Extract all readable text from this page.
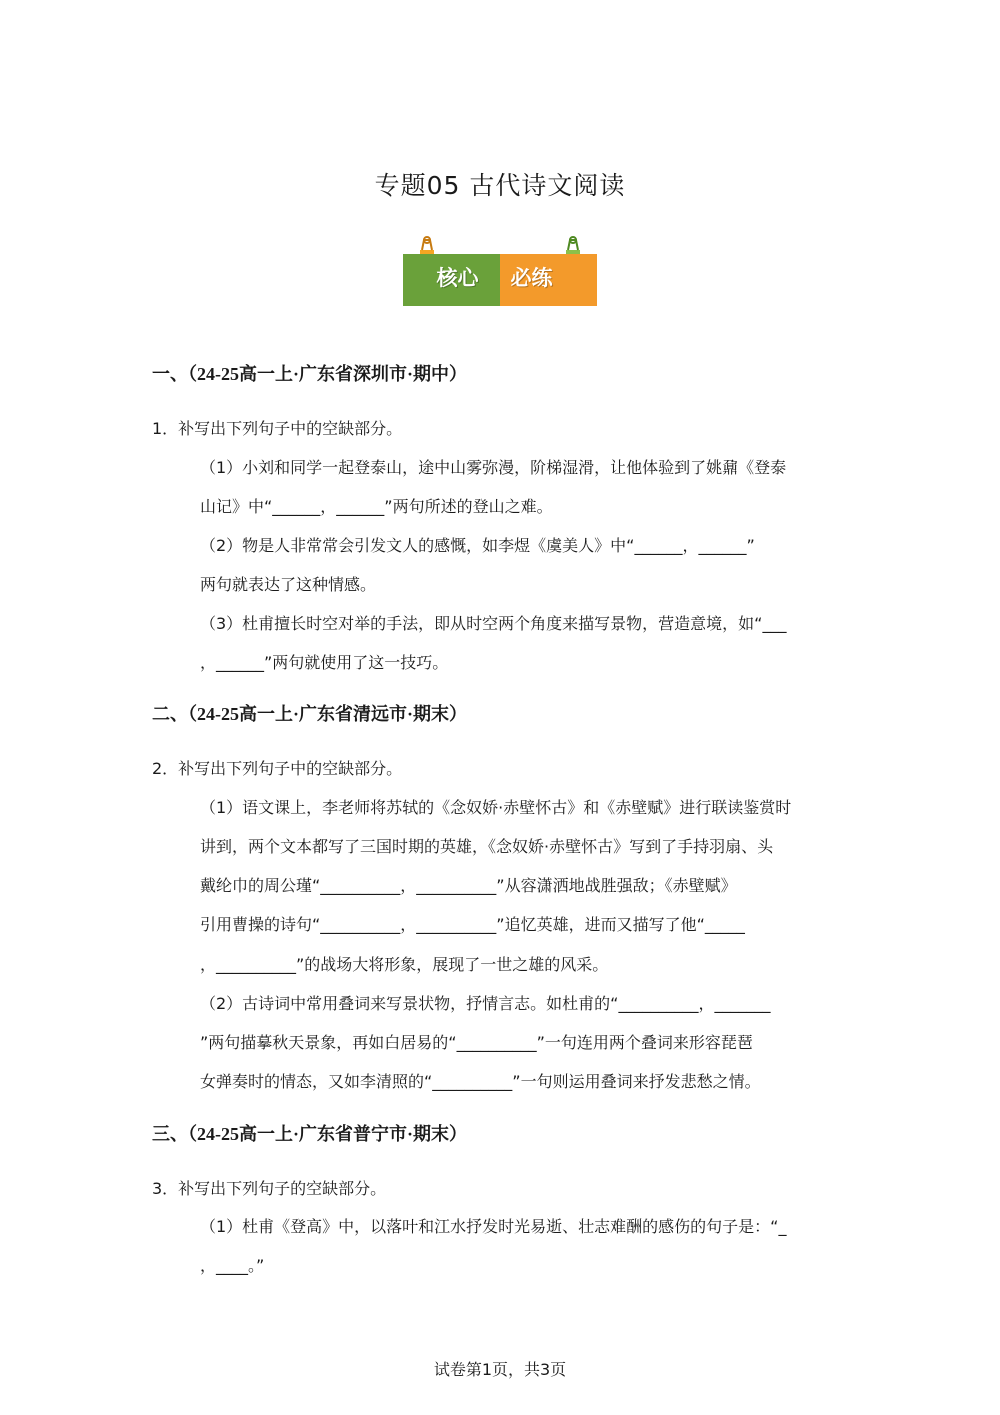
专题05 古代诗文阅读
核心	必练
一、（24-25高一上·广东省深圳市·期中）
1．补写出下列句子中的空缺部分。
（1）小刘和同学一起登泰山，途中山雾弥漫，阶梯湿滑，让他体验到了姚鼐《登泰
山记》中“______，______”两句所述的登山之难。
（2）物是人非常常会引发文人的感慨，如李煜《虞美人》中“______，______”
两句就表达了这种情感。
（3）杜甫擅长时空对举的手法，即从时空两个角度来描写景物，营造意境，如“___
，______”两句就使用了这一技巧。
二、（24-25高一上·广东省清远市·期末）
2．补写出下列句子中的空缺部分。
（1）语文课上，李老师将苏轼的《念奴娇·赤壁怀古》和《赤壁赋》进行联读鉴赏时
讲到，两个文本都写了三国时期的英雄，《念奴娇·赤壁怀古》写到了手持羽扇、头
戴纶巾的周公瑾“__________，__________”从容潇洒地战胜强敌；《赤壁赋》
引用曹操的诗句“__________，__________”追忆英雄，进而又描写了他“_____
，__________”的战场大将形象，展现了一世之雄的风采。
（2）古诗词中常用叠词来写景状物，抒情言志。如杜甫的“__________，_______
”两句描摹秋天景象，再如白居易的“__________”一句连用两个叠词来形容琵琶
女弹奏时的情态，又如李清照的“__________”一句则运用叠词来抒发悲愁之情。
三、（24-25高一上·广东省普宁市·期末）
3．补写出下列句子的空缺部分。
（1）杜甫《登高》中，以落叶和江水抒发时光易逝、壮志难酬的感伤的句子是：“_
，____。”
试卷第1页，共3页
